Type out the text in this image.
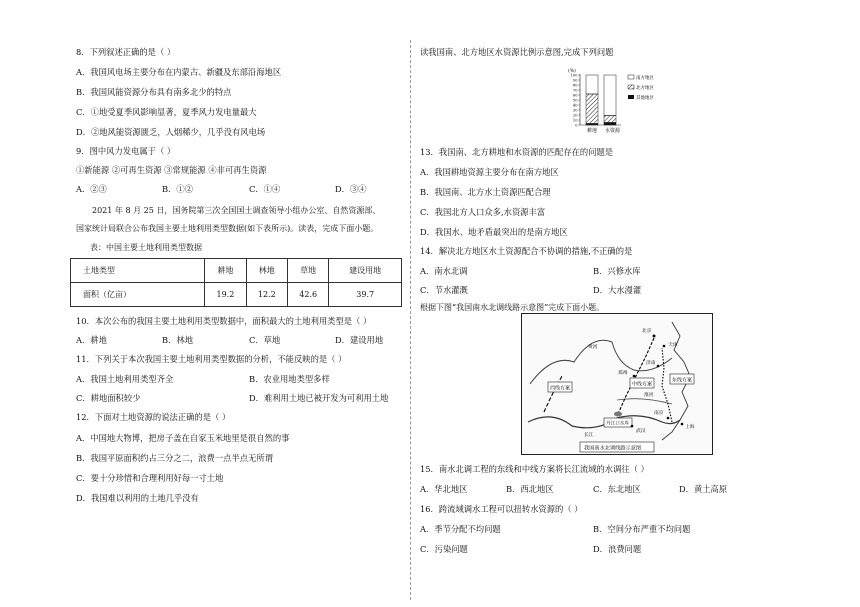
8．下列叙述正确的是（ ）
A．我国风电场主要分布在内蒙古、新疆及东部沿海地区
B．我国风能资源分布具有南多北少的特点
C．①地受夏季风影响显著，夏季风力发电量最大
D．②地风能资源匮乏，人烟稀少，几乎没有风电场
9．图中风力发电属于（ ）
①新能源 ②可再生资源 ③常规能源 ④非可再生资源
A．②③	B．①②	C．①④	D．③④
2021 年 8 月 25 日，国务院第三次全国国土调查领导小组办公室、自然资源部、
国家统计局联合公布我国主要土地利用类型数据(如下表所示)。读表，完成下面小题。
表：中国主要土地利用类型数据
土地类型	耕地	林地	草地	建设用地
面积（亿亩）	19.2	12.2	42.6	39.7
10．本次公布的我国主要土地利用类型数据中，面积最大的土地利用类型是（ ）
A．耕地	B．林地	C．草地	D．建设用地
11．下列关于本次我国主要土地利用类型数据的分析，不能反映的是（ ）
A．我国土地利用类型齐全	B．农业用地类型多样
C．耕地面积较少	D．难利用土地已被开发为可利用土地
12．下面对土地资源的说法正确的是（ ）
A．中国地大物博，把房子盖在自家玉米地里是很自然的事
B．我国平原面积约占三分之二，浪费一点半点无所谓
C．要十分珍惜和合理利用好每一寸土地
D．我国难以利用的土地几乎没有
读我国南、北方地区水资源比例示意图,完成下列问题
(%)
100
90
80
70
60
50
40
30
20
10
0
耕地 水资源
南方地区
北方地区
其他地区
13．我国南、北方耕地和水资源的匹配存在的问题是
A．我国耕地资源主要分布在南方地区
B．我国南、北方水土资源匹配合理
C．我国北方人口众多,水资源丰富
D．我国水、地矛盾最突出的是南方地区
14．解决北方地区水土资源配合不协调的措施,不正确的是
A．南水北调	B．兴修水库
C．节水灌溉	D．大水漫灌
根据下图“我国南水北调线路示意图”完成下面小题。
西线方案
中线方案
东线方案
丹江口水库
北京
天津
济南
郑州
淮河
长江
黄河
南京
上海
武汉
我国南水北调线路示意图
15．南水北调工程的东线和中线方案将长江流域的水调往（ ）
A．华北地区	B．西北地区	C．东北地区	D．黄土高原
16．跨流域调水工程可以扭转水资源的（ ）
A．季节分配不均问题	B．空间分布严重不均问题
C．污染问题	D．浪费问题
